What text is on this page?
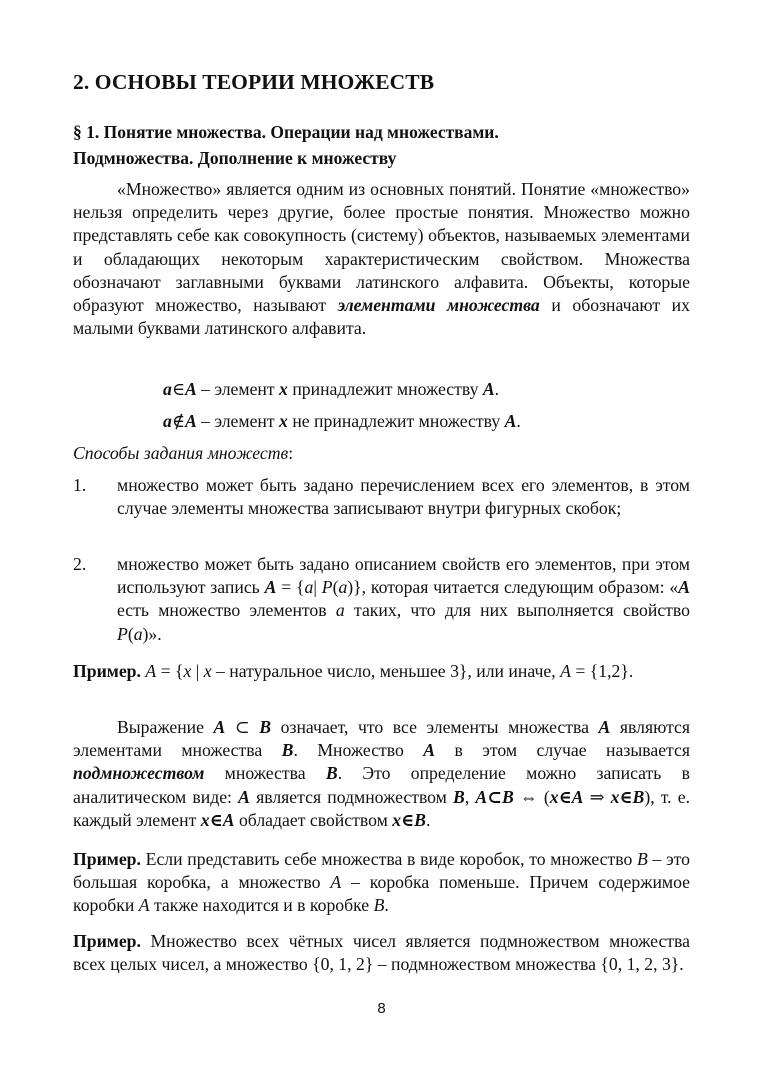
2. ОСНОВЫ ТЕОРИИ МНОЖЕСТВ
§ 1. Понятие множества. Операции над множествами.
Подмножества. Дополнение к множеству

«Множество» является одним из основных понятий. Понятие «множество» нельзя определить через другие, более простые понятия. Множество можно представлять себе как совокупность (систему) объектов, называемых элементами и обладающих некоторым характеристическим свойством. Множества обозначают заглавными буквами латинского алфавита. Объекты, которые образуют множество, называют элементами множества и обозначают их малыми буквами латинского алфавита.

a∈A – элемент x принадлежит множеству A.

a∉A – элемент x не принадлежит множеству A.

Способы задания множеств:

1. множество может быть задано перечислением всех его элементов, в этом случае элементы множества записывают внутри фигурных скобок;
2. множество может быть задано описанием свойств его элементов, при этом используют запись A = {a| P(a)}, которая читается следующим образом: «A есть множество элементов a таких, что для них выполняется свойство P(a)».

Пример. A = {x | x – натуральное число, меньшее 3}, или иначе, A = {1,2}.

Выражение A ⊂ B означает, что все элементы множества A являются элементами множества B. Множество A в этом случае называется подмножеством множества B. Это определение можно записать в аналитическом виде: A является подмножеством B, A⊂B ⇔ (x∈A ⇒ x∈B), т. е. каждый элемент x∈A обладает свойством x∈B.

Пример. Если представить себе множества в виде коробок, то множество B – это большая коробка, а множество A – коробка поменьше. Причем содержимое коробки A также находится и в коробке B.

Пример. Множество всех чётных чисел является подмножеством множества всех целых чисел, а множество {0, 1, 2} – подмножеством множества {0, 1, 2, 3}.

8
